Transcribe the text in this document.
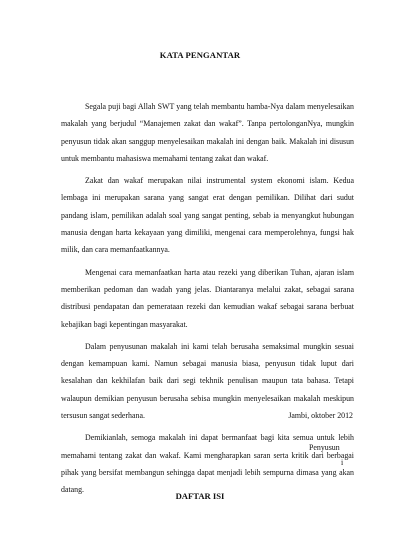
KATA PENGANTAR

Segala puji bagi Allah SWT yang telah membantu hamba-Nya dalam menyelesaikan makalah yang berjudul “Manajemen zakat dan wakaf”. Tanpa pertolonganNya, mungkin penyusun tidak akan sanggup menyelesaikan makalah ini dengan baik. Makalah ini disusun untuk membantu mahasiswa memahami tentang zakat dan wakaf.

Zakat dan wakaf merupakan nilai instrumental system ekonomi islam. Kedua lembaga ini merupakan sarana yang sangat erat dengan pemilikan. Dilihat dari sudut pandang islam, pemilikan adalah soal yang sangat penting, sebab ia menyangkut hubungan manusia dengan harta kekayaan yang dimiliki, mengenai cara memperolehnya, fungsi hak milik, dan cara memanfaatkannya.

Mengenai cara memanfaatkan harta atau rezeki yang diberikan Tuhan, ajaran islam memberikan pedoman dan wadah yang jelas. Diantaranya melalui zakat, sebagai sarana distribusi pendapatan dan pemerataan rezeki dan kemudian wakaf sebagai sarana berbuat kebajikan bagi kepentingan masyarakat.

Dalam penyusunan makalah ini kami telah berusaha semaksimal mungkin sesuai dengan kemampuan kami. Namun sebagai manusia biasa, penyusun tidak luput dari kesalahan dan kekhilafan baik dari segi tekhnik penulisan maupun tata bahasa. Tetapi walaupun demikian penyusun berusaha sebisa mungkin menyelesaikan makalah meskipun tersusun sangat sederhana.

Demikianlah, semoga makalah ini dapat bermanfaat bagi kita semua untuk lebih memahami tentang zakat dan wakaf. Kami mengharapkan saran serta kritik dari berbagai pihak yang bersifat membangun sehingga dapat menjadi lebih sempurna dimasa yang akan datang.

Jambi, oktober 2012
Penyusun
i
DAFTAR ISI
